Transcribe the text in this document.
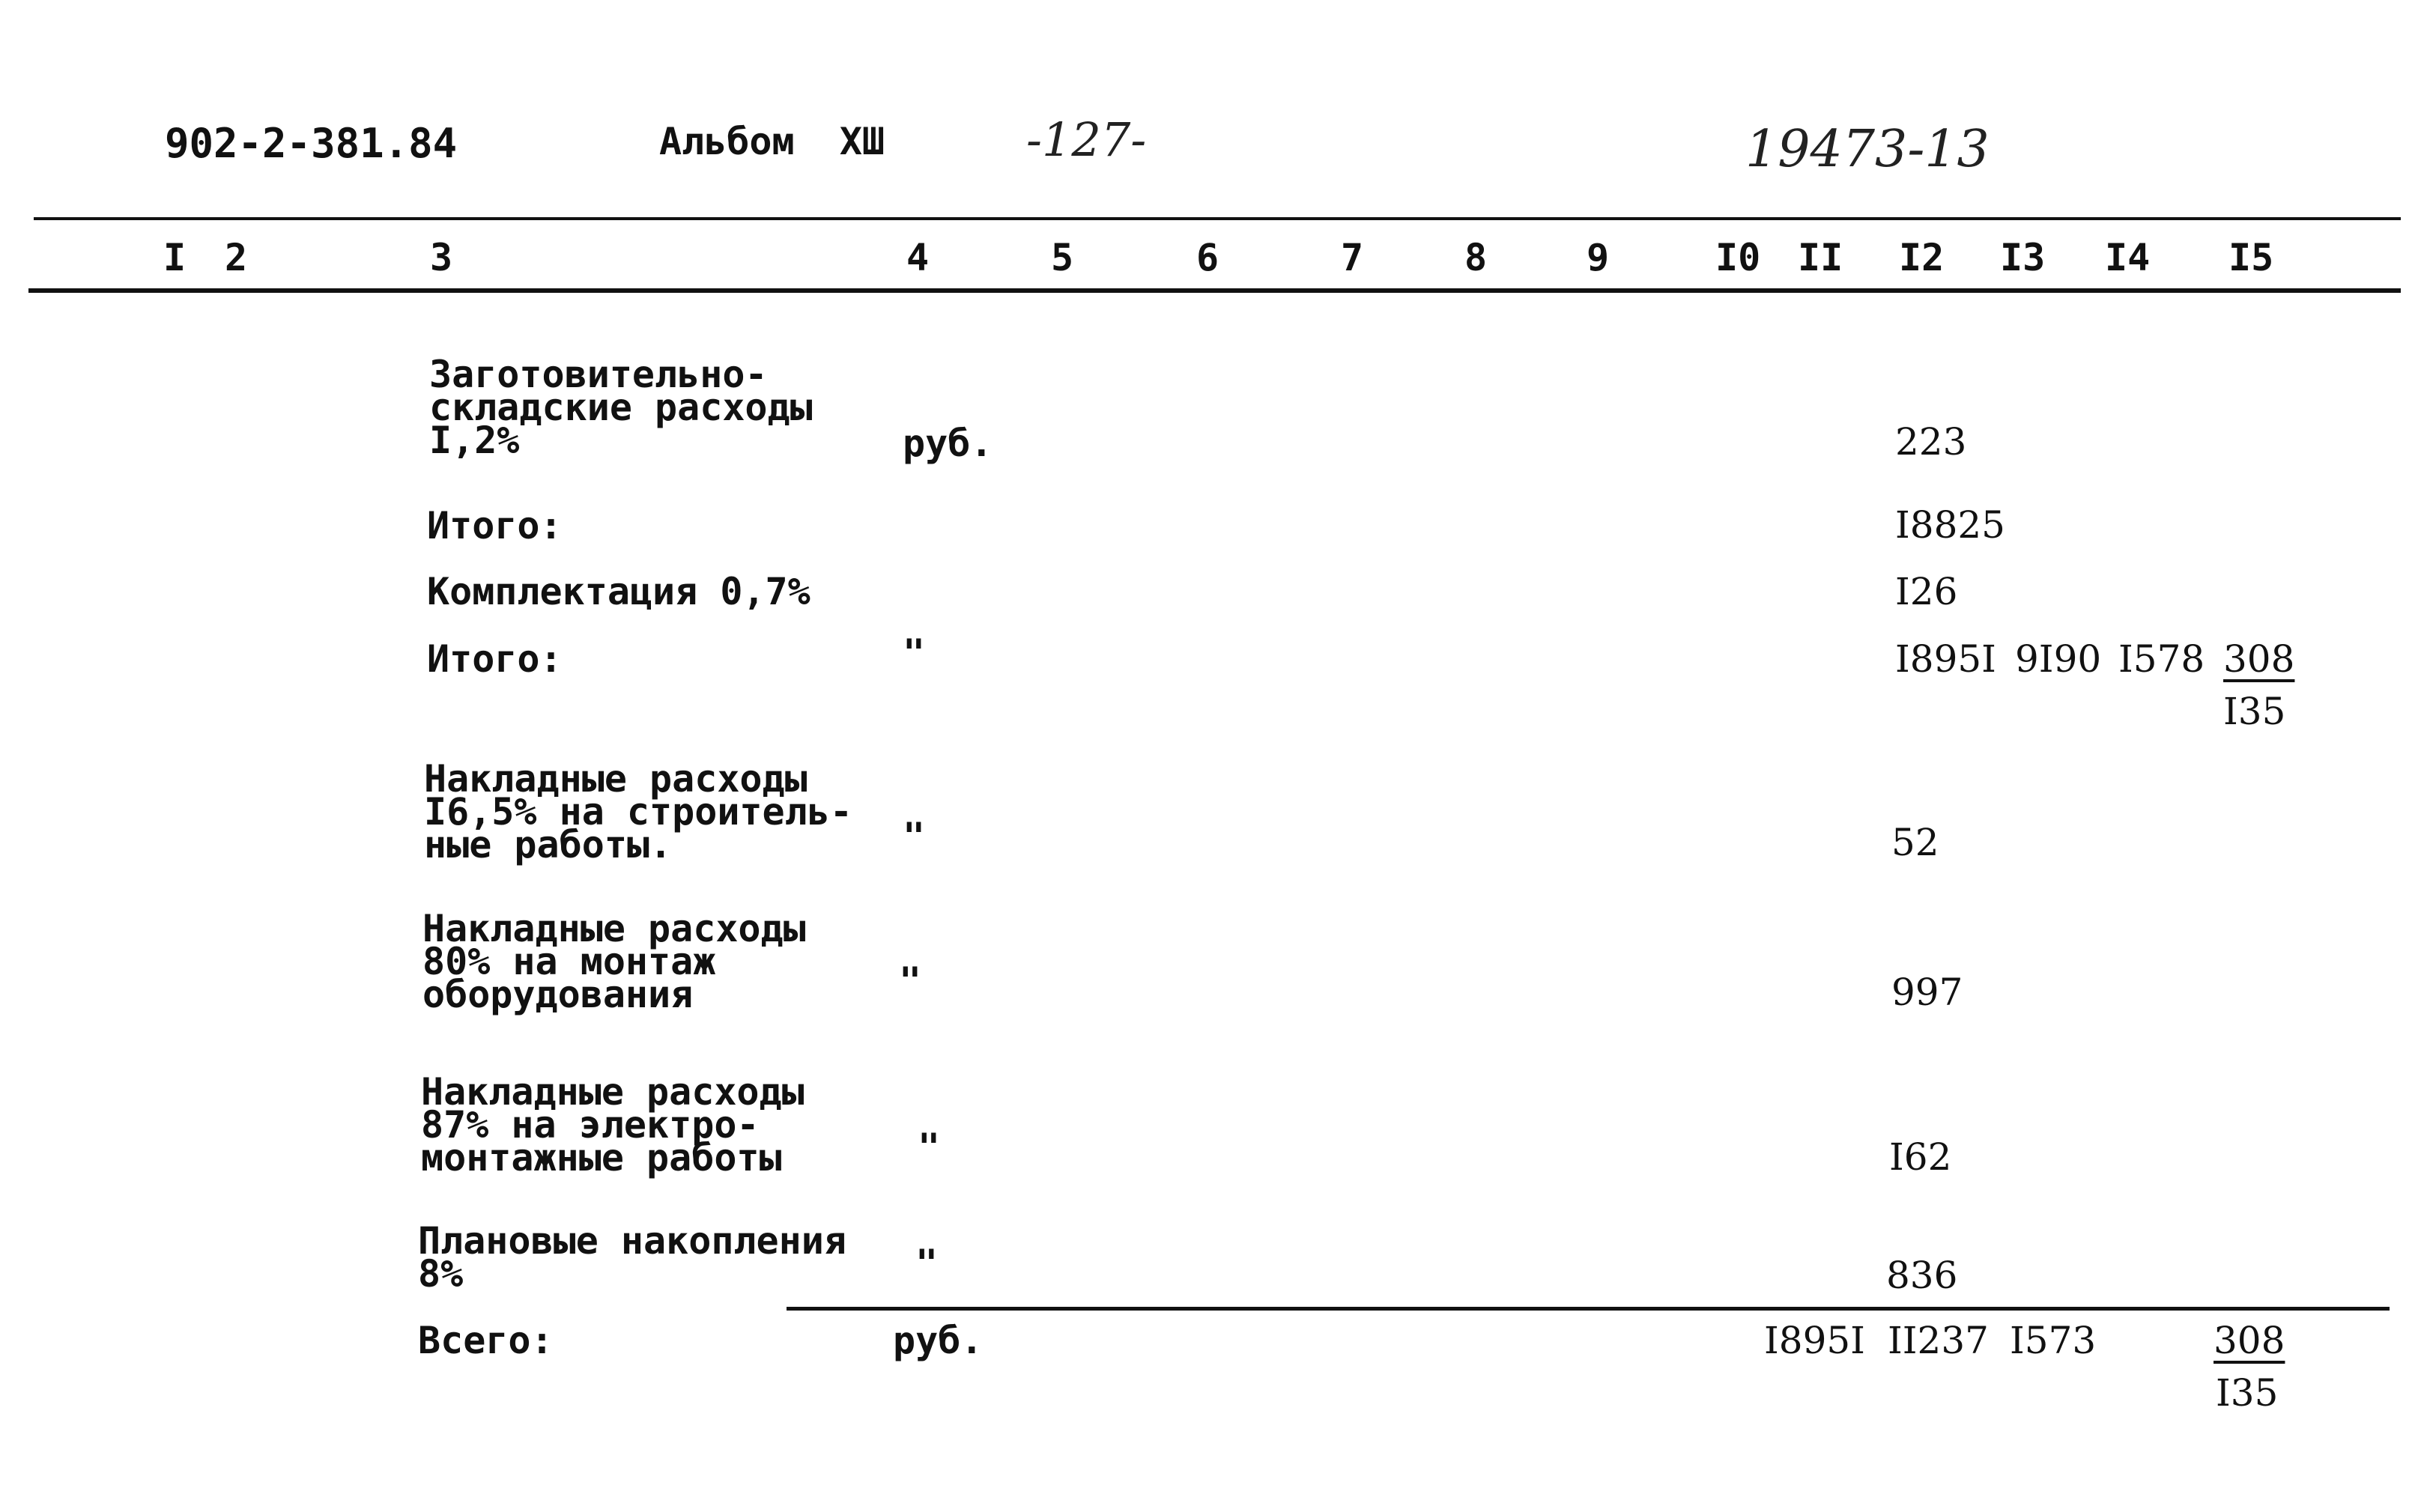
902-2-381.84	Альбом  ХШ	-127-	19473-13
I 2	3	4	5	6	7	8	9	I0 II I2 I3 I4 I5
Заготовительно-
складские расходы
I,2%	руб.	223
Итого:	I8825
Комплектация 0,7%	I26
Итого:	"	I895I 9I90 I578 308
I35
Накладные расходы
I6,5% на строитель-
ные работы.	"	52
Накладные расходы
80% на монтаж
оборудования	"	997
Накладные расходы
87% на электро-
монтажные работы	"	I62
Плановые накопления
8%	"	836
Всего:	руб.	I895I II237 I573	308
I35
